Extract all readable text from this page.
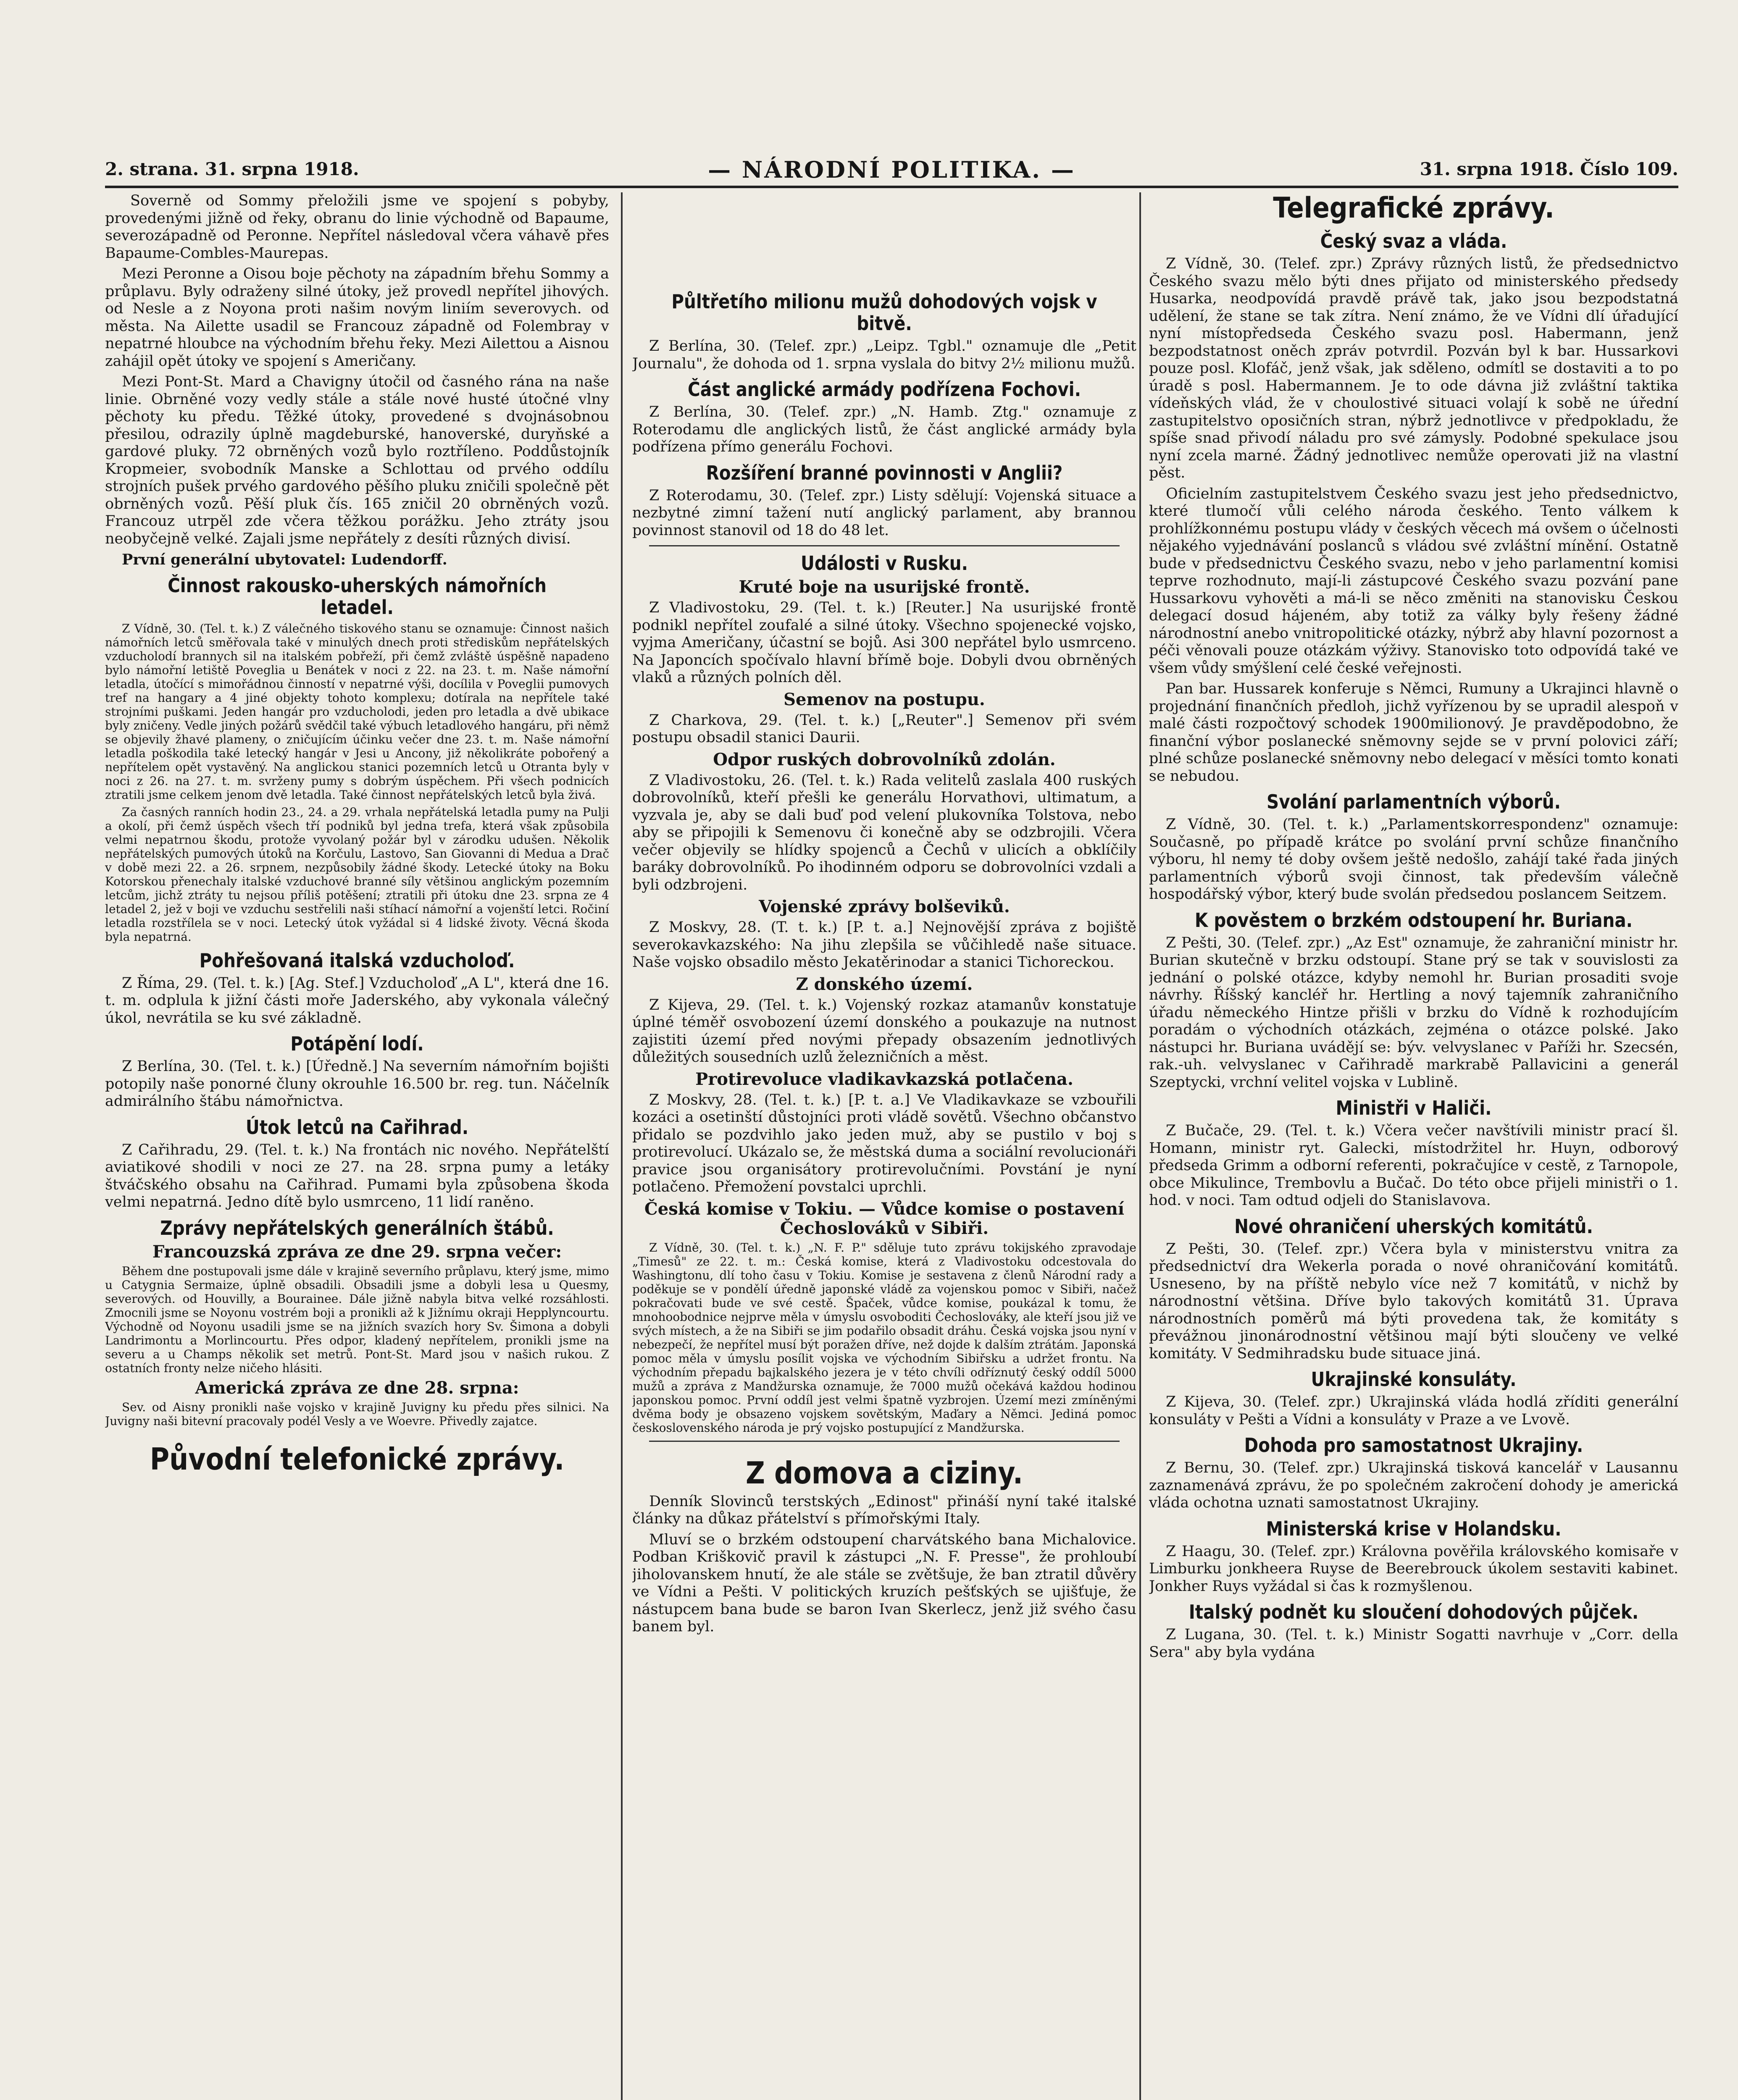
2. strana. 31. srpna 1918.	— NÁRODNÍ POLITIKA. —	31. srpna 1918. Číslo 109.

Soverně od Sommy přeložili jsme ve spojení s pobyby, provedenými jižně od řeky, obranu do linie východně od Bapaume, severozápadně od Peronne. Nepřítel následoval včera váhavě přes Bapaume-Combles-Maurepas.

Mezi Peronne a Oisou boje pěchoty na západním břehu Sommy a průplavu. Byly odraženy silné útoky, jež provedl nepřítel jihových. od Nesle a z Noyona proti našim novým liniím severovych. od města. Na Ailette usadil se Francouz západně od Folembray v nepatrné hloubce na východním břehu řeky. Mezi Ailettou a Aisnou zahájil opět útoky ve spojení s Američany.

Mezi Pont-St. Mard a Chavigny útočil od časného rána na naše linie. Obrněné vozy vedly stále a stále nové husté útočné vlny pěchoty ku předu. Těžké útoky, provedené s dvojnásobnou přesilou, odrazily úplně magdeburské, hanoverské, duryňské a gardové pluky. 72 obrněných vozů bylo roztříleno. Poddůstojník Kropmeier, svobodník Manske a Schlottau od prvého oddílu strojních pušek prvého gardového pěšího pluku zničili společně pět obrněných vozů. Pěší pluk čís. 165 zničil 20 obrněných vozů. Francouz utrpěl zde včera těžkou porážku. Jeho ztráty jsou neobyčejně velké. Zajali jsme nepřátely z desíti různých divisí.

První generální ubytovatel: Ludendorff.

Činnost rakousko-uherských námořních letadel.

Z Vídně, 30. (Tel. t. k.) Z válečného tiskového stanu se oznamuje: Činnost našich námořních letců směřovala také v minulých dnech proti střediskům nepřátelských vzducholodí brannych sil na italském pobřeží, při čemž zvláště úspěšně napadeno bylo námořní letiště Povegliа u Benátek v noci z 22. na 23. t. m. Naše námořní letadla, útočící s mimořádnou činností v nepatrné výši, docílila v Povegliі pumovych tref na hangary a 4 jiné objekty tohoto komplexu; dotírala na nepřítele také strojními puškami. Jeden hangár pro vzducholodi, jeden pro letadla a dvě ubikace byly zničeny. Vedle jiných požárů svědčil také výbuch letadlového hangáru, při němž se objevily žhavé plameny, o zničujícím účinku večer dne 23. t. m. Naše námořní letadla poškodila také letecký hangár v Jesi u Ancony, již několikráte pobořený a nepřítelem opět vystavěný. Na anglickou stanici pozemních letců u Otranta byly v noci z 26. na 27. t. m. svrženy pumy s dobrým úspěchem. Při všech podnicích ztratili jsme celkem jenom dvě letadla. Také činnost nepřátelských letců byla živá.

Za časných ranních hodin 23., 24. a 29. vrhala nepřátelská letadla pumy na Pulji a okolí, při čemž úspěch všech tří podniků byl jedna trefa, která však způsobila velmi nepatrnou škodu, protože vyvolaný požár byl v zárodku udušen. Několik nepřátelských pumových útoků na Korčulu, Lastovo, San Giovanni di Medua a Drač v době mezi 22. a 26. srpnem, nezpůsobily žádné škody. Letecké útoky na Boku Kotorskou přenechaly italské vzduchové branné síly většinou anglickým pozemním letcům, jichž ztráty tu nejsou příliš potěšení; ztratili při útoku dne 23. srpna ze 4 letadel 2, jež v boji ve vzduchu sestřelili naši stíhací námořní a vojenští letci. Ročiní letadla rozstřílela se v noci. Letecký útok vyžádal si 4 lidské životy. Věcná škoda byla nepatrná.

Pohřešovaná italská vzducholoď.

Z Říma, 29. (Tel. t. k.) [Ag. Stef.] Vzducholoď „A L", která dne 16. t. m. odplula k jižní části moře Jaderského, aby vykonala válečný úkol, nevrátila se ku své základně.

Potápění lodí.

Z Berlína, 30. (Tel. t. k.) [Úředně.] Na severním námořním bojišti potopily naše ponorné čluny okrouhle 16.500 br. reg. tun. Náčelník admirálního štábu námořnictva.

Útok letců na Cařihrad.

Z Cařihradu, 29. (Tel. t. k.) Na frontách nic nového. Nepřátelští aviatikové shodili v noci ze 27. na 28. srpna pumy a letáky štváčského obsahu na Cařihrad. Pumami byla způsobena škoda velmi nepatrná. Jedno dítě bylo usmrceno, 11 lidí raněno.

Zprávy nepřátelských generálních štábů.
Francouzská zpráva ze dne 29. srpna večer:

Během dne postupovali jsme dále v krajině severního průplavu, který jsme, mimo u Catygnia Sermaize, úplně obsadili. Obsadili jsme a dobyli lesa u Quesmy, severových. od Houvilly, a Bourainee. Dále jižně nabyla bitva velké rozsáhlosti. Zmocnili jsme se Noyonu vostrém boji a pronikli až k Jižnímu okraji Hepplyncourtu. Východně od Noyonu usadili jsme se na jižních svazích hory Sv. Šimona a dobyli Landrimontu a Morlincourtu. Přes odpor, kladený nepřítelem, pronikli jsme na severu a u Champs několik set metrů. Pont-St. Mard jsou v našich rukou. Z ostatních fronty nelze ničeho hlásiti.

Americká zpráva ze dne 28. srpna:

Sev. od Aisny pronikli naše vojsko v krajině Juvigny ku předu přes silnici. Na Juvigny naši bitevní pracovaly podél Vesly a ve Woevre. Přivedly zajatce.

Původní telefonické zprávy.
Půltřetího milionu mužů dohodových vojsk v bitvě.

Z Berlína, 30. (Telef. zpr.) „Leipz. Tgbl." oznamuje dle „Petit Journalu", že dohoda od 1. srpna vyslala do bitvy 2½ milionu mužů.

Část anglické armády podřízena Fochovi.

Z Berlína, 30. (Telef. zpr.) „N. Hamb. Ztg." oznamuje z Roterodamu dle anglických listů, že část anglické armády byla podřízena přímo generálu Fochovi.

Rozšíření branné povinnosti v Anglii?

Z Roterodamu, 30. (Telef. zpr.) Listy sdělují: Vojenská situace a nezbytné zimní tažení nutí anglický parlament, aby brannou povinnost stanovil od 18 do 48 let.

Události v Rusku.
Kruté boje na usurijské frontě.

Z Vladivostoku, 29. (Tel. t. k.) [Reuter.] Na usurijské frontě podnikl nepřítel zoufalé a silné útoky. Všechno spojenecké vojsko, vyjma Američany, účastní se bojů. Asi 300 nepřátel bylo usmrceno. Na Japoncích spočívalo hlavní břímě boje. Dobyli dvou obrněných vlaků a různých polních děl.

Semenov na postupu.

Z Charkova, 29. (Tel. t. k.) [„Reuter".] Semenov při svém postupu obsadil stanici Daurii.

Odpor ruských dobrovolníků zdolán.

Z Vladivostoku, 26. (Tel. t. k.) Rada velitelů zaslala 400 ruských dobrovolníků, kteří přešli ke generálu Horvathovi, ultimatum, a vyzvala je, aby se dali buď pod velení plukovníka Tolstova, nebo aby se připojili k Semenovu či konečně aby se odzbrojili. Včera večer objevily se hlídky spojenců a Čechů v ulicích a obklíčily baráky dobrovolníků. Po ihodinném odporu se dobrovolníci vzdali a byli odzbrojeni.

Vojenské zprávy bolševiků.

Z Moskvy, 28. (T. t. k.) [P. t. a.] Nejnovější zpráva z bojiště severokavkazského: Na jihu zlepšila se vůčihledě naše situace. Naše vojsko obsadilo město Jekatěrinodar a stanici Tichoreckou.

Z donského území.

Z Kijeva, 29. (Tel. t. k.) Vojenský rozkaz atamanův konstatuje úplné téměř osvobození území donského a poukazuje na nutnost zajistiti území před novými přepady obsazením jednotlivých důležitých sousedních uzlů železničních a měst.

Protirevoluce vladikavkazská potlačena.

Z Moskvy, 28. (Tel. t. k.) [P. t. a.] Ve Vladikavkaze se vzbouřili kozáci a osetinští důstojníci proti vládě sovětů. Všechno občanstvo přidalo se pozdvihlo jako jeden muž, aby se pustilo v boj s protirevolucí. Ukázalo se, že městská duma a sociální revolucionáři pravice jsou organisátory protirevolučními. Povstání je nyní potlačeno. Přemožení povstalci uprchli.

Česká komise v Tokiu. — Vůdce komise o postavení Čechoslováků v Sibiři.

Z Vídně, 30. (Tel. t. k.) „N. F. P." sděluje tuto zprávu tokijského zpravodaje „Timesů" ze 22. t. m.: Česká komise, která z Vladivostoku odcestovala do Washingtonu, dlí toho času v Tokiu. Komise je sestavena z členů Národní rady a poděkuje se v pondělí úředně japonské vládě za vojenskou pomoc v Sibiři, načež pokračovati bude ve své cestě. Špaček, vůdce komise, poukázal k tomu, že mnohoobodnice nejprve měla v úmyslu osvoboditi Čechoslováky, ale kteří jsou již ve svých místech, a že na Sibiři se jim podařilo obsadit dráhu. Česká vojska jsou nyní v nebezpečí, že nepřítel musí být poražen dříve, než dojde k dalším ztrátám. Japonská pomoc měla v úmyslu posílit vojska ve východním Sibiřsku a udržet frontu. Na východním přepadu bajkalského jezera je v této chvíli odříznutý český oddíl 5000 mužů a zpráva z Mandžurska oznamuje, že 7000 mužů očekává každou hodinou japonskou pomoc. První oddíl jest velmi špatně vyzbrojen. Území mezi zmíněnými dvěma body je obsazeno vojskem sovětským, Maďary a Němci. Jediná pomoc československého národa je prý vojsko postupující z Mandžurska.

Z domova a ciziny.

Denník Slovinců terstských „Edinost" přináší nyní také italské články na důkaz přátelství s přímořskými Italy.

Mluví se o brzkém odstoupení charvátského bana Michalovice. Podban Kriškovič pravil k zástupci „N. F. Presse", že prohloubí jiholovanskem hnutí, že ale stále se zvětšuje, že ban ztratil důvěry ve Vídni a Pešti. V politických kruzích pešťských se ujišťuje, že nástupcem bana bude se baron Ivan Skerlecz, jenž již svého času banem byl.

Telegrafické zprávy.
Český svaz a vláda.

Z Vídně, 30. (Telef. zpr.) Zprávy různých listů, že předsednictvo Českého svazu mělo býti dnes přijato od ministerského předsedy Husarka, neodpovídá pravdě právě tak, jako jsou bezpodstatná udělení, že stane se tak zítra. Není známo, že ve Vídni dlí úřadující nyní místopředseda Českého svazu posl. Habermann, jenž bezpodstatnost oněch zpráv potvrdil. Pozván byl k bar. Hussarkovi pouze posl. Klofáč, jenž však, jak sděleno, odmítl se dostaviti a to po úradě s posl. Habermannem. Je to ode dávna již zvláštní taktika vídeňských vlád, že v choulostivé situaci volají k sobě ne úřední zastupitelstvo oposičních stran, nýbrž jednotlivce v předpokladu, že spíše snad přivodí náladu pro své zámysly. Podobné spekulace jsou nyní zcela marné. Žádný jednotlivec nemůže operovati již na vlastní pěst.

Oficielním zastupitelstvem Českého svazu jest jeho předsednictvo, které tlumočí vůli celého národa českého. Tento válkem k prohlížkonnému postupu vlády v českých věcech má ovšem o účelnosti nějakého vyjednávání poslanců s vládou své zvláštní mínění. Ostatně bude v předsednictvu Českého svazu, nebo v jeho parlamentní komisi teprve rozhodnuto, mají-li zástupcové Českého svazu pozvání pane Hussarkovu vyhověti a má-li se něco změniti na stanovisku Českou delegací dosud hájeném, aby totiž za války byly řešeny žádné národnostní anebo vnitropolitické otázky, nýbrž aby hlavní pozornost a péči věnovali pouze otázkám výživy. Stanovisko toto odpovídá také ve všem vůdy smýšlení celé české veřejnosti.

Pan bar. Hussarek konferuje s Němci, Rumuny a Ukrajinci hlavně o projednání finančních předloh, jichž vyřízenou by se upradil alespoň v malé části rozpočtový schodek 1900milionový. Je pravděpodobno, že finanční výbor poslanecké sněmovny sejde se v první polovici září; plné schůze poslanecké sněmovny nebo delegací v měsíci tomto konati se nebudou.

Svolání parlamentních výborů.

Z Vídně, 30. (Tel. t. k.) „Parlamentskorrespondenz" oznamuje: Současně, po případě krátce po svolání první schůze finančního výboru, hl nemy té doby ovšem ještě nedošlo, zahájí také řada jiných parlamentních výborů svoji činnost, tak především válečně hospodářský výbor, který bude svolán předsedou poslancem Seitzem.

K pověstem o brzkém odstoupení hr. Buriana.

Z Pešti, 30. (Telef. zpr.) „Az Est" oznamuje, že zahraniční ministr hr. Burian skutečně v brzku odstoupí. Stane prý se tak v souvislosti za jednání o polské otázce, kdyby nemohl hr. Burian prosaditi svoje návrhy. Říšský kancléř hr. Hertling a nový tajemník zahraničního úřadu německého Hintze přišli v brzku do Vídně k rozhodujícím poradám o východních otázkách, zejména o otázce polské. Jako nástupci hr. Buriana uvádějí se: býv. velvyslanec v Paříži hr. Szecsén, rak.-uh. velvyslanec v Cařihradě markrabě Pallavicini a generál Szeptycki, vrchní velitel vojska v Lublině.

Ministři v Haliči.

Z Bučače, 29. (Tel. t. k.) Včera večer navštívili ministr prací šl. Homann, ministr ryt. Galecki, místodržitel hr. Huyn, odborový předseda Grimm a odborní referenti, pokračujíce v cestě, z Tarnopole, obce Mikulince, Trembovlu a Bučač. Do této obce přijeli ministři o 1. hod. v noci. Tam odtud odjeli do Stanislavova.

Nové ohraničení uherských komitátů.

Z Pešti, 30. (Telef. zpr.) Včera byla v ministerstvu vnitra za předsednictví dra Wekerla porada o nové ohraničování komitátů. Usneseno, by na příště nebylo více než 7 komitátů, v nichž by národnostní většina. Dříve bylo takových komitátů 31. Úprava národnostních poměrů má býti provedena tak, že komitáty s převážnou jinonárodnostní většinou mají býti sloučeny ve velké komitáty. V Sedmihradsku bude situace jiná.

Ukrajinské konsuláty.

Z Kijeva, 30. (Telef. zpr.) Ukrajinská vláda hodlá zříditi generální konsuláty v Pešti a Vídni a konsuláty v Praze a ve Lvově.

Dohoda pro samostatnost Ukrajiny.

Z Bernu, 30. (Telef. zpr.) Ukrajinská tisková kancelář v Lausannu zaznamenává zprávu, že po společném zakročení dohody je americká vláda ochotna uznati samostatnost Ukrajiny.

Ministerská krise v Holandsku.

Z Haagu, 30. (Telef. zpr.) Královna pověřila královského komisaře v Limburku jonkheera Ruyse de Beerebrouck úkolem sestaviti kabinet. Jonkher Ruys vyžádal si čas k rozmyšlenou.

Italský podnět ku sloučení dohodových půjček.

Z Lugana, 30. (Tel. t. k.) Ministr Sogatti navrhuje v „Corr. della Sera" aby byla vydána
